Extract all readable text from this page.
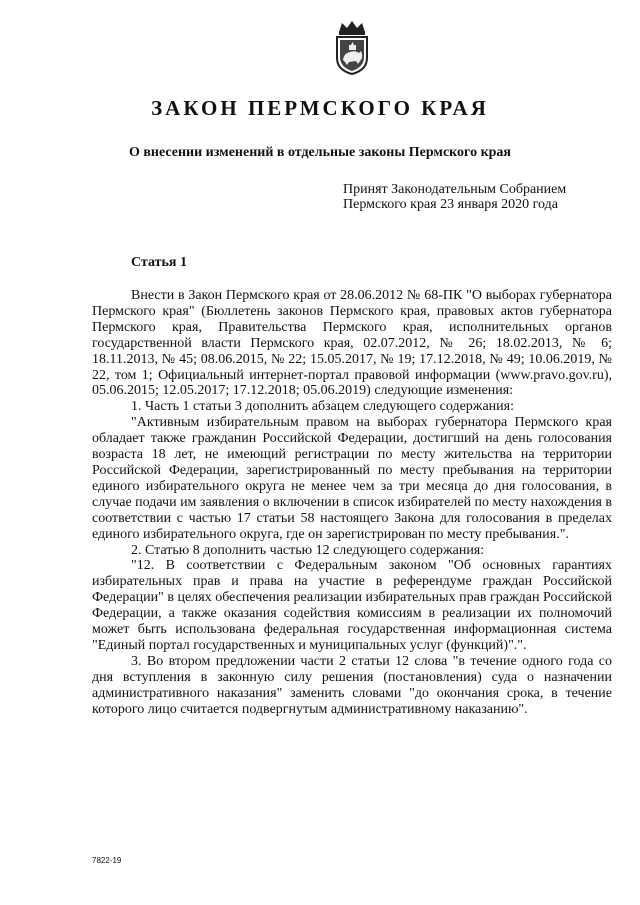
ЗАКОН ПЕРМСКОГО КРАЯ
О внесении изменений в отдельные законы Пермского края
Принят Законодательным Собранием
Пермского края 23 января 2020 года
Статья 1

Внести в Закон Пермского края от 28.06.2012 № 68-ПК "О выборах губернатора Пермского края" (Бюллетень законов Пермского края, правовых актов губернатора Пермского края, Правительства Пермского края, исполнительных органов государственной власти Пермского края, 02.07.2012, № 26; 18.02.2013, № 6; 18.11.2013, № 45; 08.06.2015, № 22; 15.05.2017, № 19; 17.12.2018, № 49; 10.06.2019, № 22, том 1; Официальный интернет-портал правовой информации (www.pravo.gov.ru), 05.06.2015; 12.05.2017; 17.12.2018; 05.06.2019) следующие изменения:

1. Часть 1 статьи 3 дополнить абзацем следующего содержания:

"Активным избирательным правом на выборах губернатора Пермского края обладает также гражданин Российской Федерации, достигший на день голосования возраста 18 лет, не имеющий регистрации по месту жительства на территории Российской Федерации, зарегистрированный по месту пребывания на территории единого избирательного округа не менее чем за три месяца до дня голосования, в случае подачи им заявления о включении в список избирателей по месту нахождения в соответствии с частью 17 статьи 58 настоящего Закона для голосования в пределах единого избирательного округа, где он зарегистрирован по месту пребывания.".

2. Статью 8 дополнить частью 12 следующего содержания:

"12. В соответствии с Федеральным законом "Об основных гарантиях избирательных прав и права на участие в референдуме граждан Российской Федерации" в целях обеспечения реализации избирательных прав граждан Российской Федерации, а также оказания содействия комиссиям в реализации их полномочий может быть использована федеральная государственная информационная система "Единый портал государственных и муниципальных услуг (функций)".".

3. Во втором предложении части 2 статьи 12 слова "в течение одного года со дня вступления в законную силу решения (постановления) суда о назначении административного наказания" заменить словами "до окончания срока, в течение которого лицо считается подвергнутым административному наказанию".

7822-19
